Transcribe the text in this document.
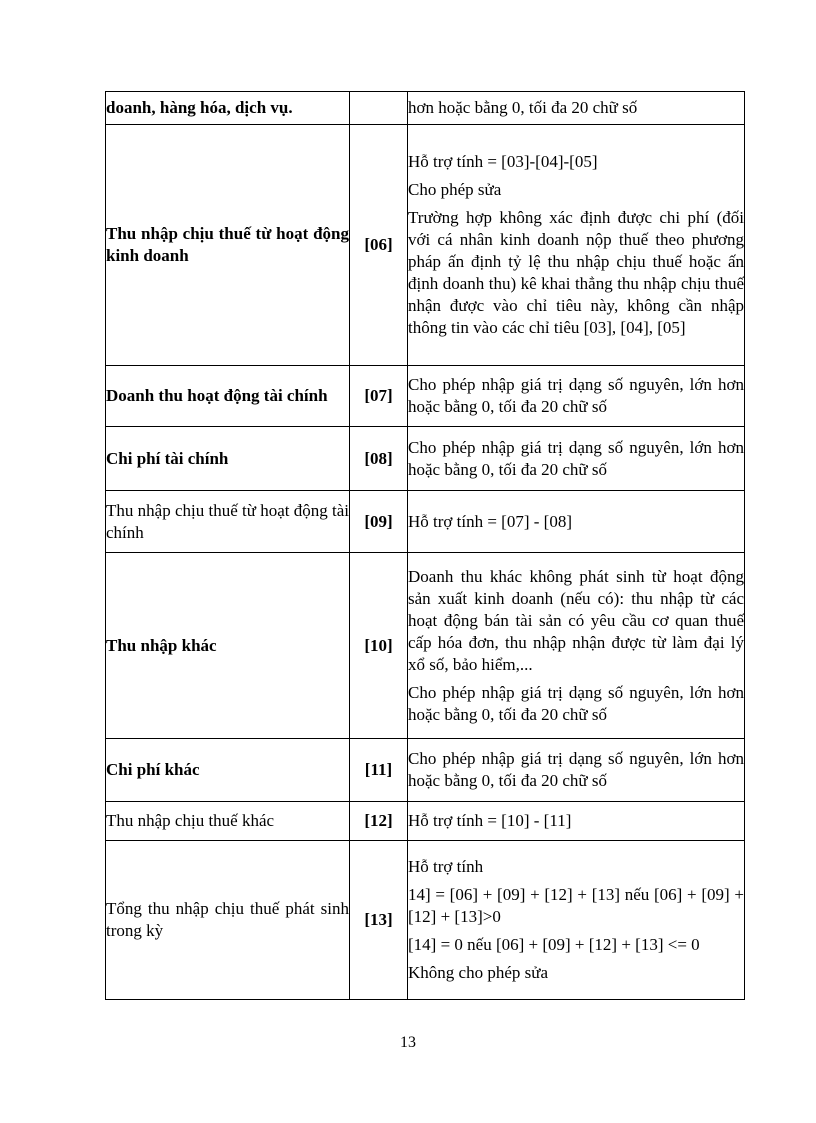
doanh, hàng hóa, dịch vụ.		hơn hoặc bằng 0, tối đa 20 chữ số

Thu nhập chịu thuế từ hoạt động kinh doanh	[06]	Hỗ trợ tính = [03]-[04]-[05]

Cho phép sửa

Trường hợp không xác định được chi phí (đối với cá nhân kinh doanh nộp thuế theo phương pháp ấn định tỷ lệ thu nhập chịu thuế hoặc ấn định doanh thu) kê khai thẳng thu nhập chịu thuế nhận được vào chỉ tiêu này, không cần nhập thông tin vào các chỉ tiêu [03], [04], [05]

Doanh thu hoạt động tài chính	[07]	Cho phép nhập giá trị dạng số nguyên, lớn hơn hoặc bằng 0, tối đa 20 chữ số

Chi phí tài chính	[08]	Cho phép nhập giá trị dạng số nguyên, lớn hơn hoặc bằng 0, tối đa 20 chữ số

Thu nhập chịu thuế từ hoạt động tài chính	[09]	Hỗ trợ tính = [07] - [08]

Thu nhập khác	[10]	Doanh thu khác không phát sinh từ hoạt động sản xuất kinh doanh (nếu có): thu nhập từ các hoạt động bán tài sản có yêu cầu cơ quan thuế cấp hóa đơn, thu nhập nhận được từ làm đại lý xổ số, bảo hiểm,...

Cho phép nhập giá trị dạng số nguyên, lớn hơn hoặc bằng 0, tối đa 20 chữ số

Chi phí khác	[11]	Cho phép nhập giá trị dạng số nguyên, lớn hơn hoặc bằng 0, tối đa 20 chữ số

Thu nhập chịu thuế khác	[12]	Hỗ trợ tính = [10] - [11]

Tổng thu nhập chịu thuế phát sinh trong kỳ	[13]	Hỗ trợ tính

14] = [06] + [09] + [12] + [13] nếu [06] + [09] + [12] + [13]>0

[14] = 0 nếu [06] + [09] + [12] + [13] <= 0

Không cho phép sửa

13
